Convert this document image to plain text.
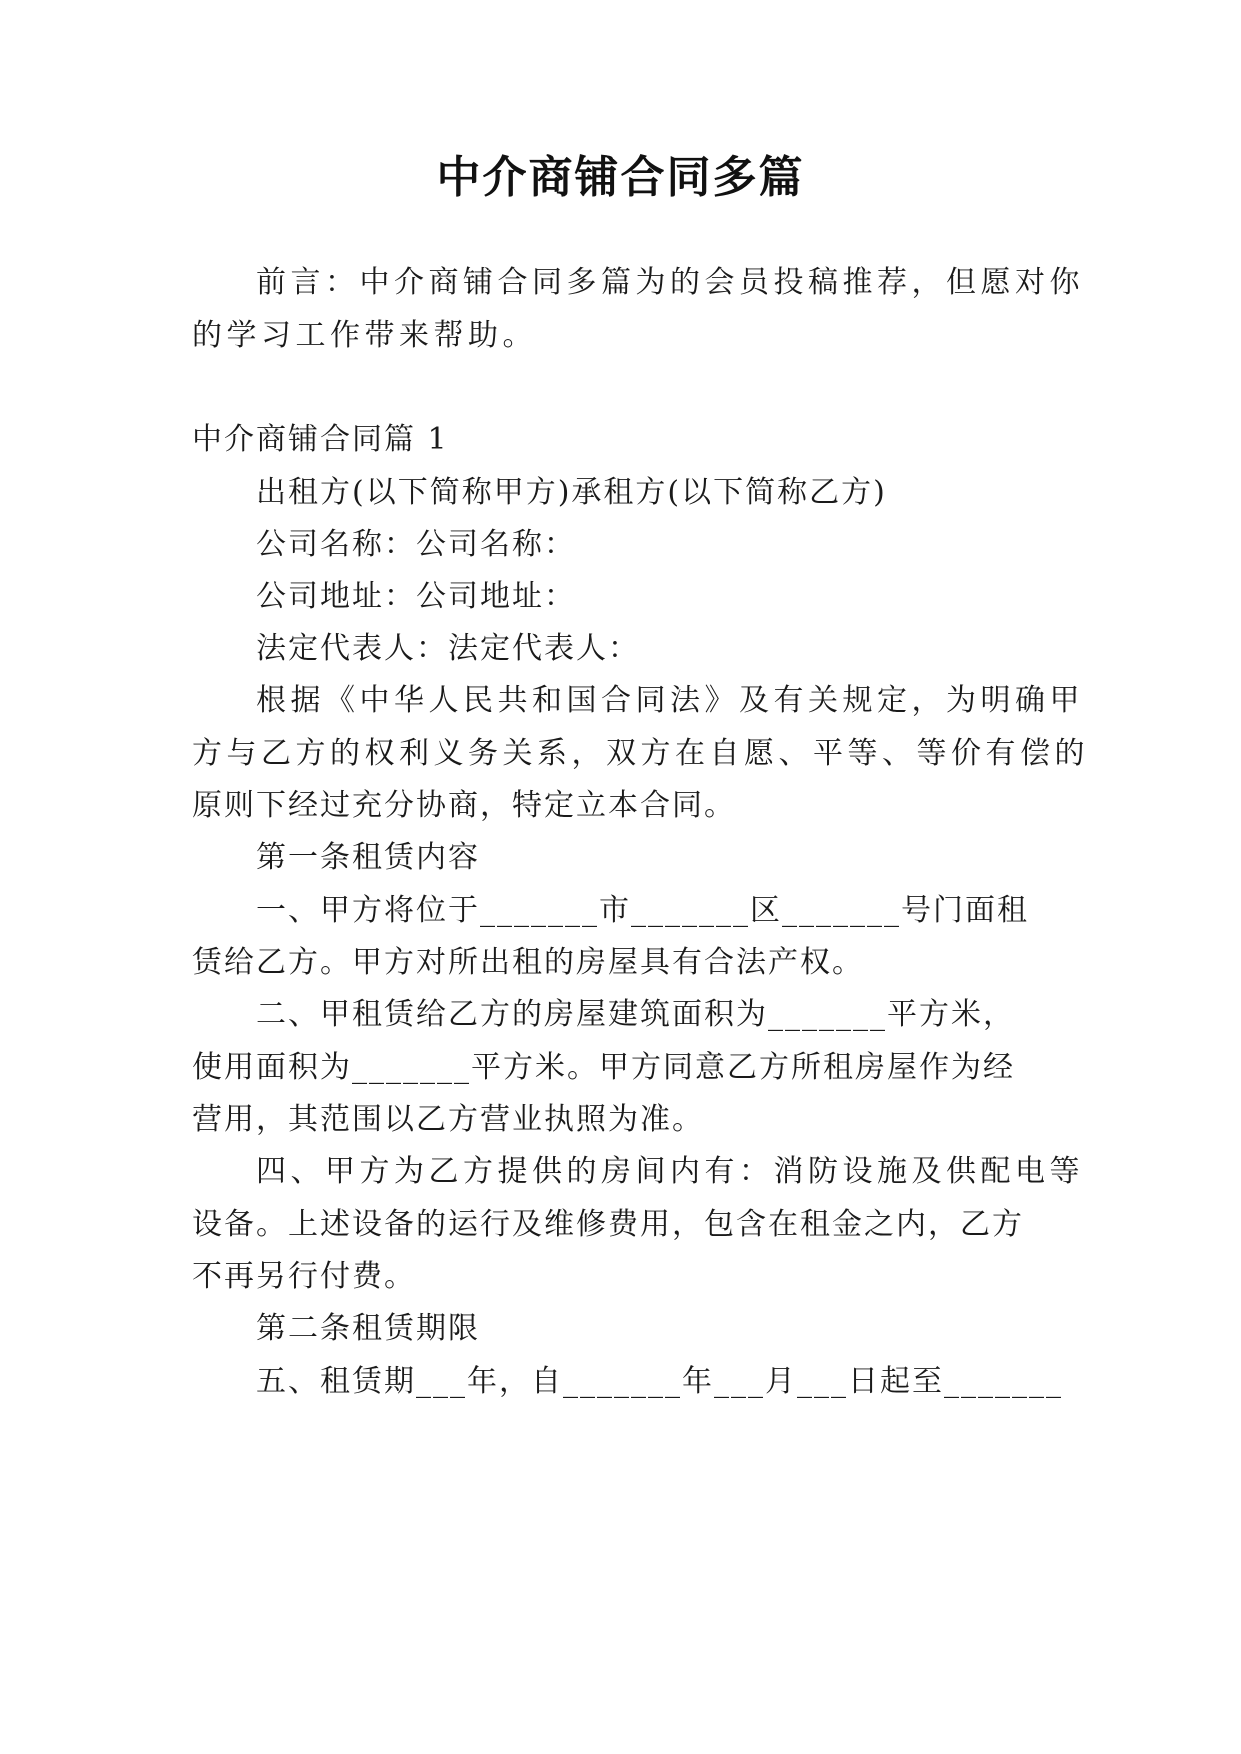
中介商铺合同多篇
前言：中介商铺合同多篇为的会员投稿推荐，但愿对你
的学习工作带来帮助。
中介商铺合同篇 1
出租方(以下简称甲方)承租方(以下简称乙方)
公司名称：公司名称：
公司地址：公司地址：
法定代表人：法定代表人：
根据《中华人民共和国合同法》及有关规定，为明确甲
方与乙方的权利义务关系，双方在自愿、平等、等价有偿的
原则下经过充分协商，特定立本合同。
第一条租赁内容
一、甲方将位于_______市_______区_______号门面租
赁给乙方。甲方对所出租的房屋具有合法产权。
二、甲租赁给乙方的房屋建筑面积为_______平方米，
使用面积为_______平方米。甲方同意乙方所租房屋作为经
营用，其范围以乙方营业执照为准。
四、甲方为乙方提供的房间内有：消防设施及供配电等
设备。上述设备的运行及维修费用，包含在租金之内，乙方
不再另行付费。
第二条租赁期限
五、租赁期___年，自_______年___月___日起至_______
